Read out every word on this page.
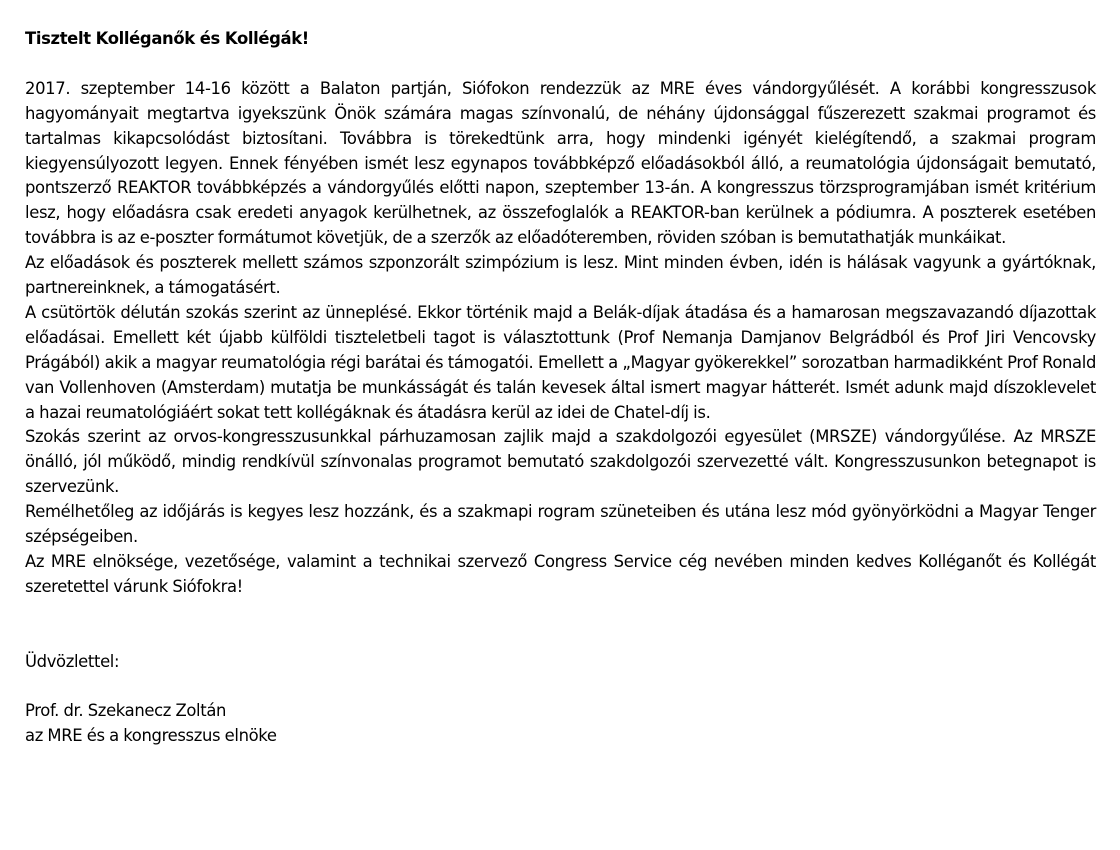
Tisztelt Kolléganők és Kollégák!

2017. szeptember 14-16 között a Balaton partján, Siófokon rendezzük az MRE éves vándorgyűlését. A korábbi kongresszusok hagyományait megtartva igyekszünk Önök számára magas színvonalú, de néhány újdonsággal fűszerezett szakmai programot és tartalmas kikapcsolódást biztosítani. Továbbra is törekedtünk arra, hogy mindenki igényét kielégítendő, a szakmai program kiegyensúlyozott legyen. Ennek fényében ismét lesz egynapos továbbképző előadásokból álló, a reumatológia újdonságait bemutató, pontszerző REAKTOR továbbképzés a vándorgyűlés előtti napon, szeptember 13-án. A kongresszus törzsprogramjában ismét kritérium lesz, hogy előadásra csak eredeti anyagok kerülhetnek, az összefoglalók a REAKTOR-ban kerülnek a pódiumra. A poszterek esetében továbbra is az e-poszter formátumot követjük, de a szerzők az előadóteremben, röviden szóban is bemutathatják munkáikat.

Az előadások és poszterek mellett számos szponzorált szimpózium is lesz. Mint minden évben, idén is hálásak vagyunk a gyártóknak, partnereinknek, a támogatásért.

A csütörtök délután szokás szerint az ünneplésé. Ekkor történik majd a Belák-díjak átadása és a hamarosan megszavazandó díjazottak előadásai. Emellett két újabb külföldi tiszteletbeli tagot is választottunk (Prof Nemanja Damjanov Belgrádból és Prof Jiri Vencovsky Prágából) akik a magyar reumatológia régi barátai és támogatói. Emellett a „Magyar gyökerekkel” sorozatban harmadikként Prof Ronald van Vollenhoven (Amsterdam) mutatja be munkásságát és talán kevesek által ismert magyar hátterét. Ismét adunk majd díszoklevelet a hazai reumatológiáért sokat tett kollégáknak és átadásra kerül az idei de Chatel-díj is.

Szokás szerint az orvos-kongresszusunkkal párhuzamosan zajlik majd a szakdolgozói egyesület (MRSZE) vándorgyűlése. Az MRSZE önálló, jól működő, mindig rendkívül színvonalas programot bemutató szakdolgozói szervezetté vált. Kongresszusunkon betegnapot is szervezünk.

Remélhetőleg az időjárás is kegyes lesz hozzánk, és a szakmapi rogram szüneteiben és utána lesz mód gyönyörködni a Magyar Tenger szépségeiben.

Az MRE elnöksége, vezetősége, valamint a technikai szervező Congress Service cég nevében minden kedves Kolléganőt és Kollégát szeretettel várunk Siófokra!

Üdvözlettel:

Prof. dr. Szekanecz Zoltán
az MRE és a kongresszus elnöke
